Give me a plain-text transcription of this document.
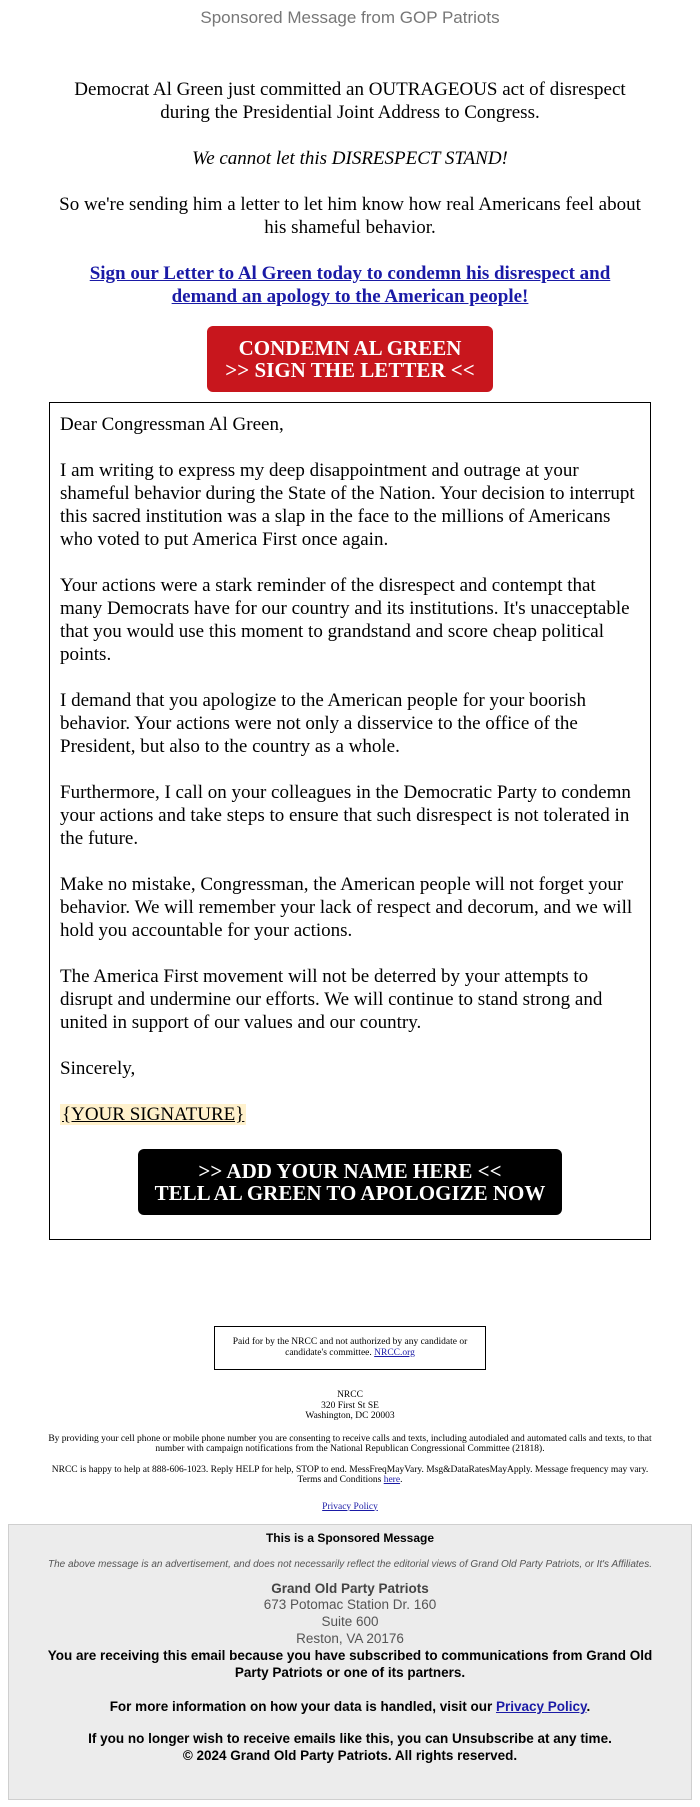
Sponsored Message from GOP Patriots

Democrat Al Green just committed an OUTRAGEOUS act of disrespect during the Presidential Joint Address to Congress.

We cannot let this DISRESPECT STAND!

So we're sending him a letter to let him know how real Americans feel about his shameful behavior.

Sign our Letter to Al Green today to condemn his disrespect and demand an apology to the American people!

CONDEMN AL GREEN
>> SIGN THE LETTER <<

Dear Congressman Al Green,

I am writing to express my deep disappointment and outrage at your shameful behavior during the State of the Nation. Your decision to interrupt this sacred institution was a slap in the face to the millions of Americans who voted to put America First once again.

Your actions were a stark reminder of the disrespect and contempt that many Democrats have for our country and its institutions. It's unacceptable that you would use this moment to grandstand and score cheap political points.

I demand that you apologize to the American people for your boorish behavior. Your actions were not only a disservice to the office of the President, but also to the country as a whole.

Furthermore, I call on your colleagues in the Democratic Party to condemn your actions and take steps to ensure that such disrespect is not tolerated in the future.

Make no mistake, Congressman, the American people will not forget your behavior. We will remember your lack of respect and decorum, and we will hold you accountable for your actions.

The America First movement will not be deterred by your attempts to disrupt and undermine our efforts. We will continue to stand strong and united in support of our values and our country.

Sincerely,

{YOUR SIGNATURE}

>> ADD YOUR NAME HERE <<
TELL AL GREEN TO APOLOGIZE NOW
Paid for by the NRCC and not authorized by any candidate or candidate's committee. NRCC.org
NRCC
320 First St SE
Washington, DC 20003
By providing your cell phone or mobile phone number you are consenting to receive calls and texts, including autodialed and automated calls and texts, to that number with campaign notifications from the National Republican Congressional Committee (21818).
NRCC is happy to help at 888-606-1023. Reply HELP for help, STOP to end. MessFreqMayVary. Msg&DataRatesMayApply. Message frequency may vary. Terms and Conditions here.
Privacy Policy
This is a Sponsored Message
The above message is an advertisement, and does not necessarily reflect the editorial views of Grand Old Party Patriots, or It's Affiliates.
Grand Old Party Patriots
673 Potomac Station Dr. 160
Suite 600
Reston, VA 20176
You are receiving this email because you have subscribed to communications from Grand Old Party Patriots or one of its partners.
For more information on how your data is handled, visit our Privacy Policy.
If you no longer wish to receive emails like this, you can Unsubscribe at any time.
© 2024 Grand Old Party Patriots. All rights reserved.
